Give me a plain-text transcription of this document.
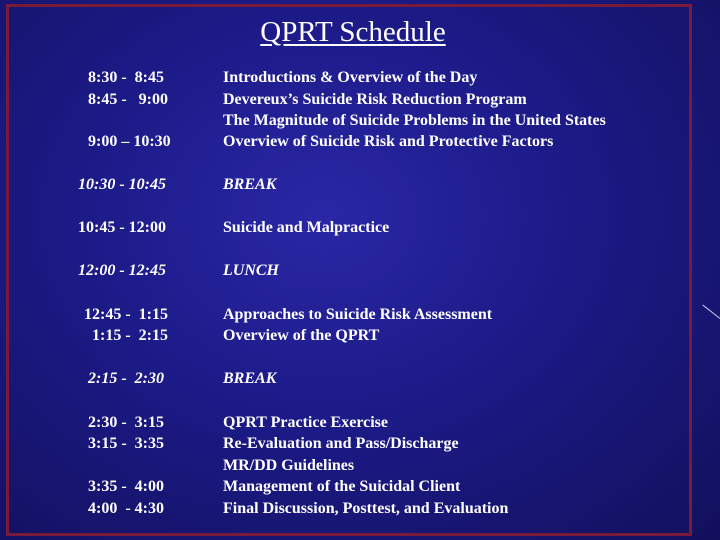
QPRT Schedule
8:30 -  8:45	Introductions & Overview of the Day
8:45 -   9:00	Devereux’s Suicide Risk Reduction Program
The Magnitude of Suicide Problems in the United States
9:00 – 10:30	Overview of Suicide Risk and Protective Factors
10:30 - 10:45	BREAK
10:45 - 12:00	Suicide and Malpractice
12:00 - 12:45	LUNCH
12:45 -  1:15	Approaches to Suicide Risk Assessment
1:15 -  2:15	Overview of the QPRT
2:15 -  2:30	BREAK
2:30 -  3:15	QPRT Practice Exercise
3:15 -  3:35	Re-Evaluation and Pass/Discharge
MR/DD Guidelines
3:35 -  4:00	Management of the Suicidal Client
4:00  - 4:30	Final Discussion, Posttest, and Evaluation
